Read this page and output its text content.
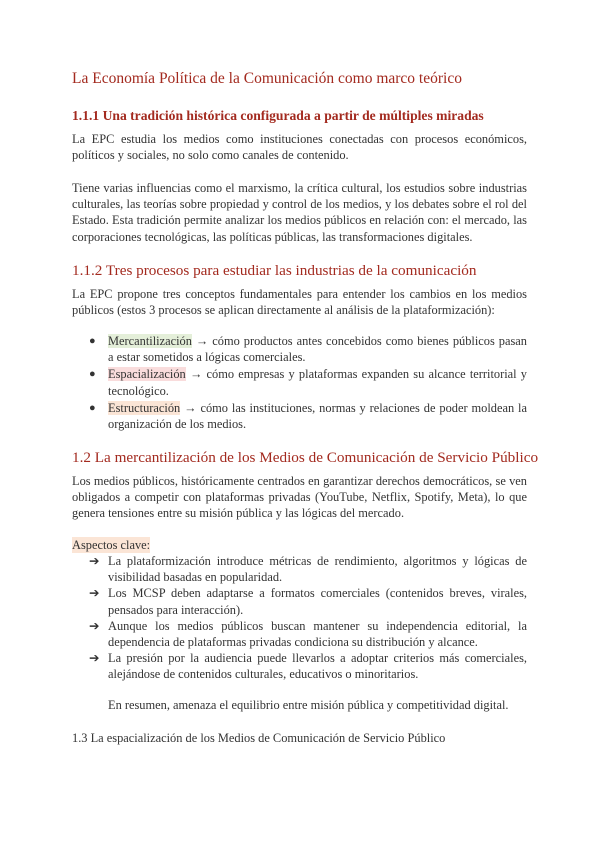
La Economía Política de la Comunicación como marco teórico
1.1.1 Una tradición histórica configurada a partir de múltiples miradas
La EPC estudia los medios como instituciones conectadas con procesos económicos, políticos y sociales, no solo como canales de contenido.
Tiene varias influencias como el marxismo, la crítica cultural, los estudios sobre industrias culturales, las teorías sobre propiedad y control de los medios, y los debates sobre el rol del Estado. Esta tradición permite analizar los medios públicos en relación con: el mercado, las corporaciones tecnológicas, las políticas públicas, las transformaciones digitales.
1.1.2 Tres procesos para estudiar las industrias de la comunicación
La EPC propone tres conceptos fundamentales para entender los cambios en los medios públicos (estos 3 procesos se aplican directamente al análisis de la plataformización):
● Mercantilización → cómo productos antes concebidos como bienes públicos pasan a estar sometidos a lógicas comerciales.
● Espacialización → cómo empresas y plataformas expanden su alcance territorial y tecnológico.
● Estructuración → cómo las instituciones, normas y relaciones de poder moldean la organización de los medios.
1.2 La mercantilización de los Medios de Comunicación de Servicio Público
Los medios públicos, históricamente centrados en garantizar derechos democráticos, se ven obligados a competir con plataformas privadas (YouTube, Netflix, Spotify, Meta), lo que genera tensiones entre su misión pública y las lógicas del mercado.
Aspectos clave:
➔ La plataformización introduce métricas de rendimiento, algoritmos y lógicas de visibilidad basadas en popularidad.
➔ Los MCSP deben adaptarse a formatos comerciales (contenidos breves, virales, pensados para interacción).
➔ Aunque los medios públicos buscan mantener su independencia editorial, la dependencia de plataformas privadas condiciona su distribución y alcance.
➔ La presión por la audiencia puede llevarlos a adoptar criterios más comerciales, alejándose de contenidos culturales, educativos o minoritarios.
En resumen, amenaza el equilibrio entre misión pública y competitividad digital.
1.3 La espacialización de los Medios de Comunicación de Servicio Público
